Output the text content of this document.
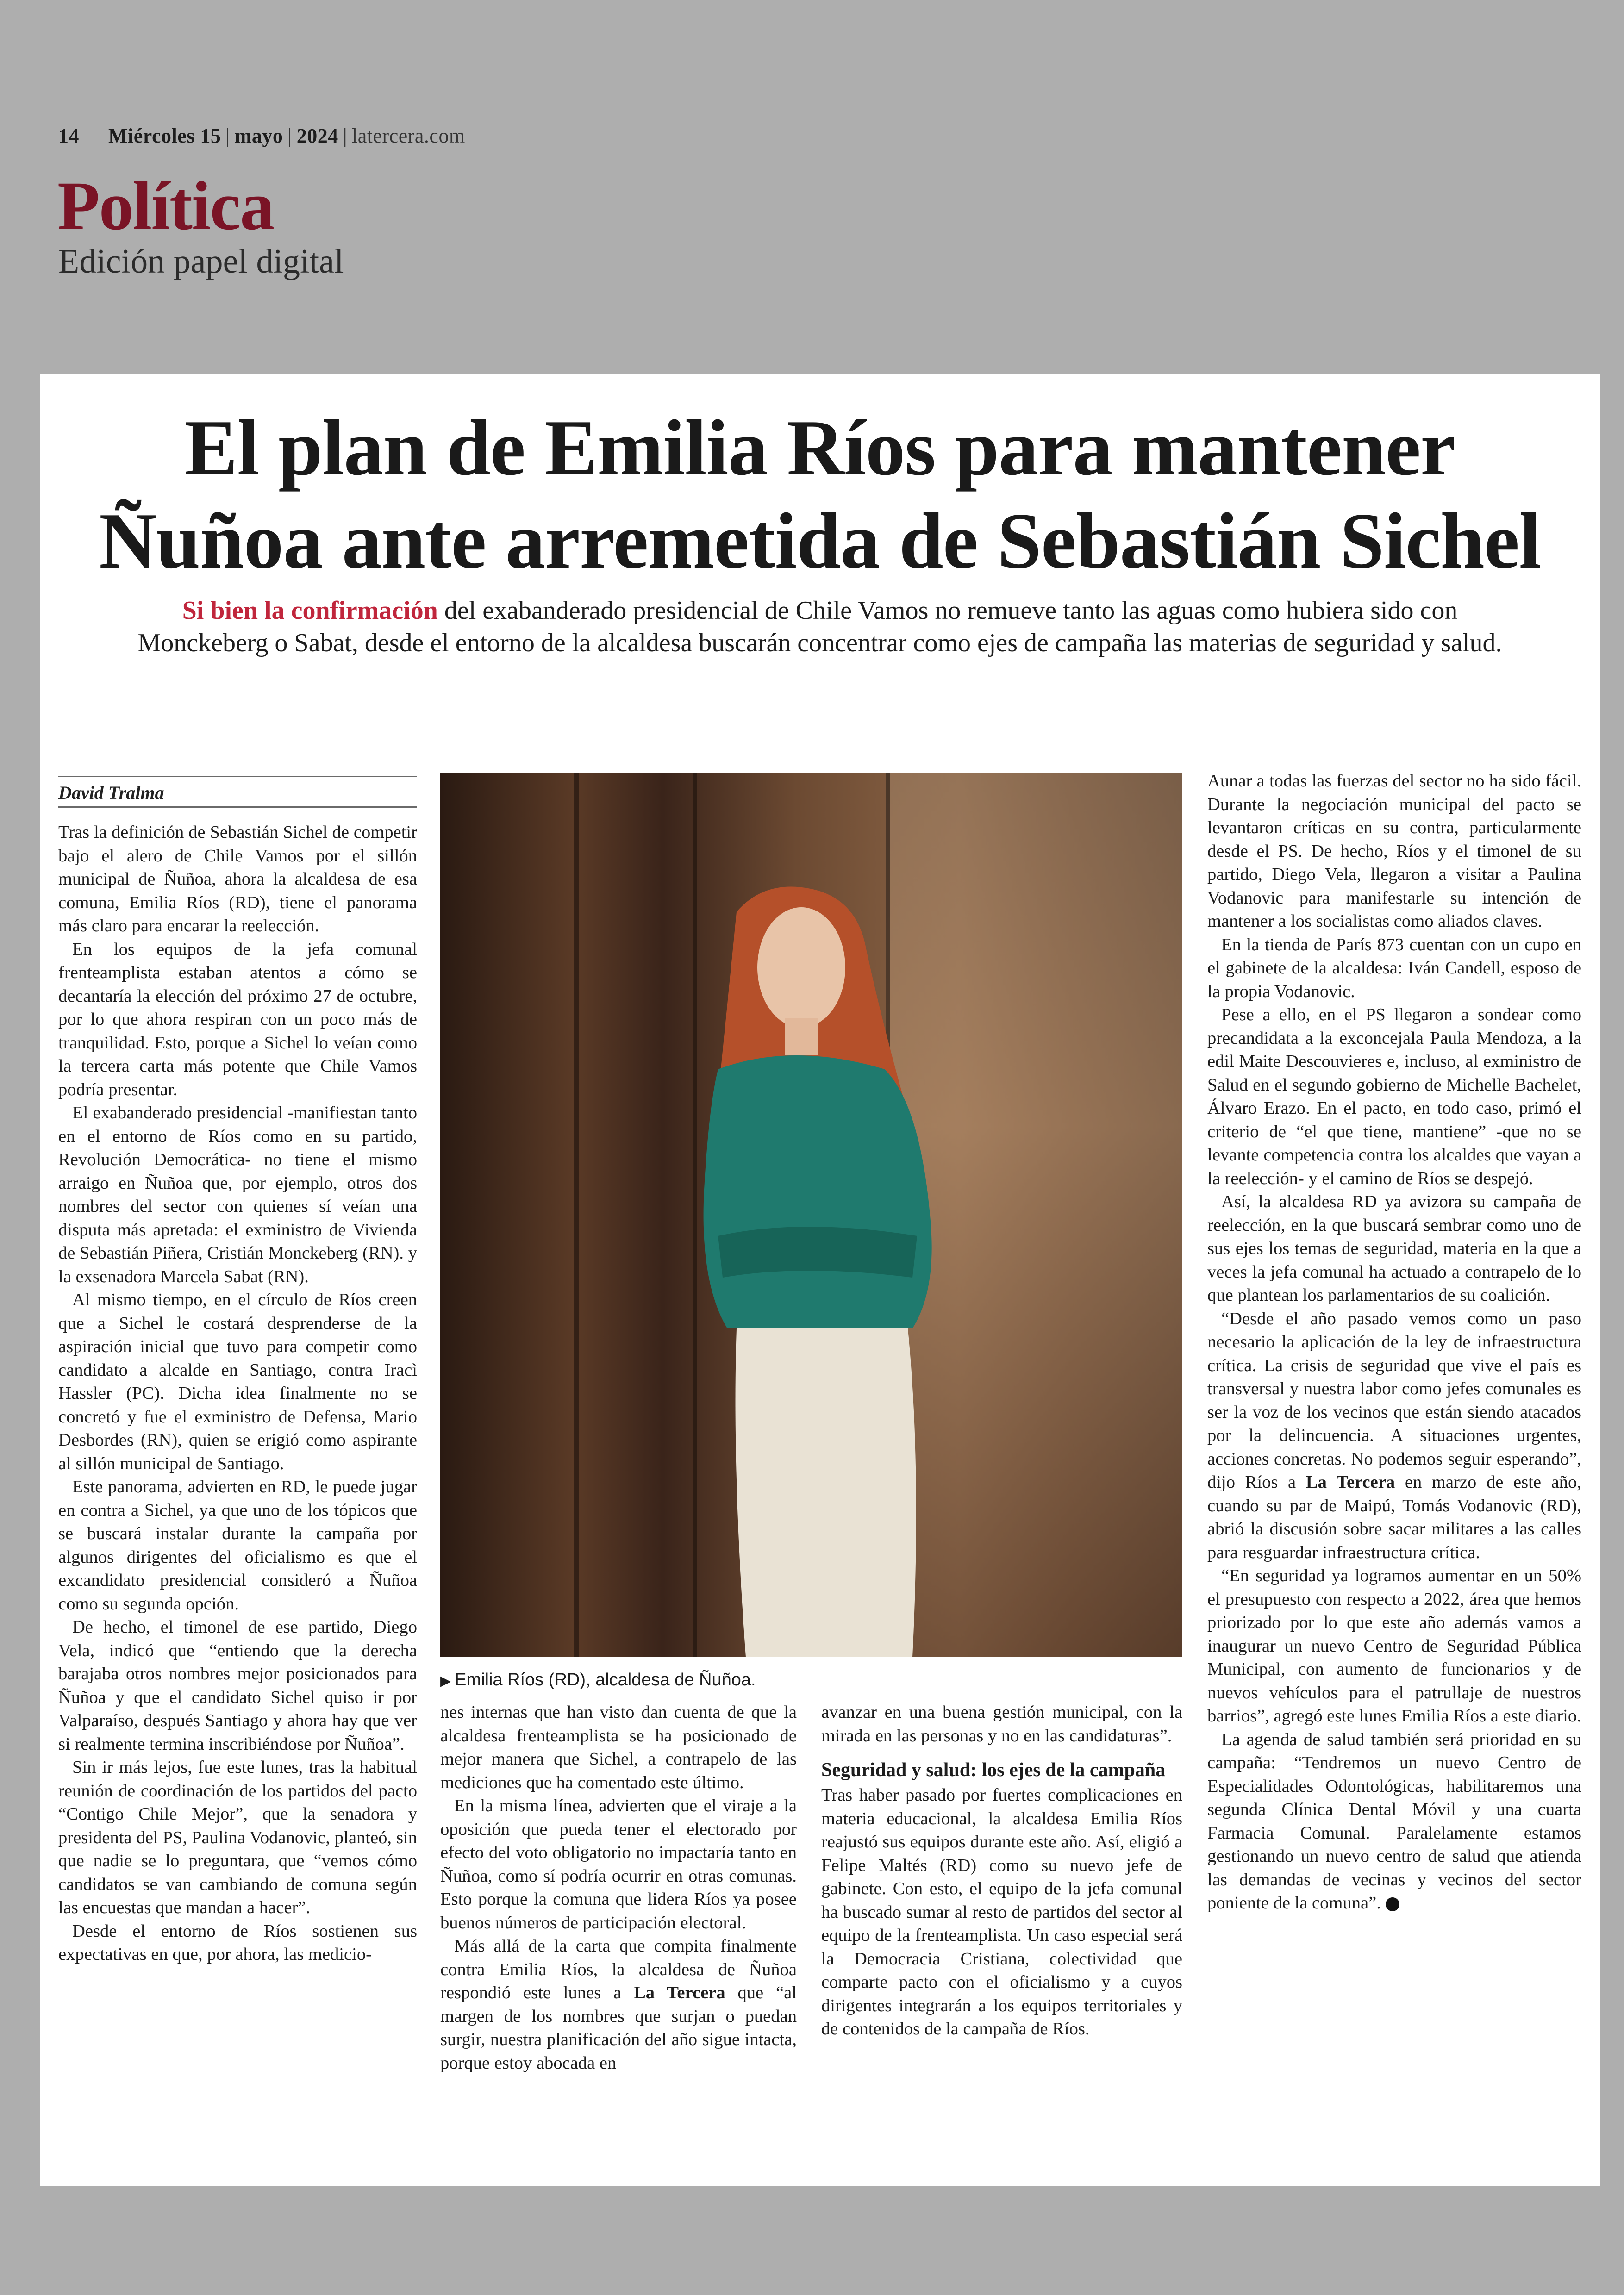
14 Miércoles 15 | mayo | 2024 | latercera.com
Política
Edición papel digital
El plan de Emilia Ríos para mantener
Ñuñoa ante arremetida de Sebastián Sichel
Si bien la confirmación del exabanderado presidencial de Chile Vamos no remueve tanto las aguas como hubiera sido con
Monckeberg o Sabat, desde el entorno de la alcaldesa buscarán concentrar como ejes de campaña las materias de seguridad y salud.
David Tralma

Tras la definición de Sebastián Sichel de competir bajo el alero de Chile Vamos por el sillón municipal de Ñuñoa, ahora la alcaldesa de esa comuna, Emilia Ríos (RD), tiene el panorama más claro para encarar la reelección.

En los equipos de la jefa comunal frenteamplista estaban atentos a cómo se decantaría la elección del próximo 27 de octubre, por lo que ahora respiran con un poco más de tranquilidad. Esto, porque a Sichel lo veían como la tercera carta más potente que Chile Vamos podría presentar.

El exabanderado presidencial -manifiestan tanto en el entorno de Ríos como en su partido, Revolución Democrática- no tiene el mismo arraigo en Ñuñoa que, por ejemplo, otros dos nombres del sector con quienes sí veían una disputa más apretada: el exministro de Vivienda de Sebastián Piñera, Cristián Monckeberg (RN). y la exsenadora Marcela Sabat (RN).

Al mismo tiempo, en el círculo de Ríos creen que a Sichel le costará desprenderse de la aspiración inicial que tuvo para competir como candidato a alcalde en Santiago, contra Iracì Hassler (PC). Dicha idea finalmente no se concretó y fue el exministro de Defensa, Mario Desbordes (RN), quien se erigió como aspirante al sillón municipal de Santiago.

Este panorama, advierten en RD, le puede jugar en contra a Sichel, ya que uno de los tópicos que se buscará instalar durante la campaña por algunos dirigentes del oficialismo es que el excandidato presidencial consideró a Ñuñoa como su segunda opción.

De hecho, el timonel de ese partido, Diego Vela, indicó que “entiendo que la derecha barajaba otros nombres mejor posicionados para Ñuñoa y que el candidato Sichel quiso ir por Valparaíso, después Santiago y ahora hay que ver si realmente termina inscribiéndose por Ñuñoa”.

Sin ir más lejos, fue este lunes, tras la habitual reunión de coordinación de los partidos del pacto “Contigo Chile Mejor”, que la senadora y presidenta del PS, Paulina Vodanovic, planteó, sin que nadie se lo preguntara, que “vemos cómo candidatos se van cambiando de comuna según las encuestas que mandan a hacer”.

Desde el entorno de Ríos sostienen sus expectativas en que, por ahora, las medicio-

▶ Emilia Ríos (RD), alcaldesa de Ñuñoa.

nes internas que han visto dan cuenta de que la alcaldesa frenteamplista se ha posicionado de mejor manera que Sichel, a contrapelo de las mediciones que ha comentado este último.

En la misma línea, advierten que el viraje a la oposición que pueda tener el electorado por efecto del voto obligatorio no impactaría tanto en Ñuñoa, como sí podría ocurrir en otras comunas. Esto porque la comuna que lidera Ríos ya posee buenos números de participación electoral.

Más allá de la carta que compita finalmente contra Emilia Ríos, la alcaldesa de Ñuñoa respondió este lunes a La Tercera que “al margen de los nombres que surjan o puedan surgir, nuestra planificación del año sigue intacta, porque estoy abocada en

avanzar en una buena gestión municipal, con la mirada en las personas y no en las candidaturas”.

Seguridad y salud: los ejes de la campaña

Tras haber pasado por fuertes complicaciones en materia educacional, la alcaldesa Emilia Ríos reajustó sus equipos durante este año. Así, eligió a Felipe Maltés (RD) como su nuevo jefe de gabinete. Con esto, el equipo de la jefa comunal ha buscado sumar al resto de partidos del sector al equipo de la frenteamplista. Un caso especial será la Democracia Cristiana, colectividad que comparte pacto con el oficialismo y a cuyos dirigentes integrarán a los equipos territoriales y de contenidos de la campaña de Ríos.

Aunar a todas las fuerzas del sector no ha sido fácil. Durante la negociación municipal del pacto se levantaron críticas en su contra, particularmente desde el PS. De hecho, Ríos y el timonel de su partido, Diego Vela, llegaron a visitar a Paulina Vodanovic para manifestarle su intención de mantener a los socialistas como aliados claves.

En la tienda de París 873 cuentan con un cupo en el gabinete de la alcaldesa: Iván Candell, esposo de la propia Vodanovic.

Pese a ello, en el PS llegaron a sondear como precandidata a la exconcejala Paula Mendoza, a la edil Maite Descouvieres e, incluso, al exministro de Salud en el segundo gobierno de Michelle Bachelet, Álvaro Erazo. En el pacto, en todo caso, primó el criterio de “el que tiene, mantiene” -que no se levante competencia contra los alcaldes que vayan a la reelección- y el camino de Ríos se despejó.

Así, la alcaldesa RD ya avizora su campaña de reelección, en la que buscará sembrar como uno de sus ejes los temas de seguridad, materia en la que a veces la jefa comunal ha actuado a contrapelo de lo que plantean los parlamentarios de su coalición.

“Desde el año pasado vemos como un paso necesario la aplicación de la ley de infraestructura crítica. La crisis de seguridad que vive el país es transversal y nuestra labor como jefes comunales es ser la voz de los vecinos que están siendo atacados por la delincuencia. A situaciones urgentes, acciones concretas. No podemos seguir esperando”, dijo Ríos a La Tercera en marzo de este año, cuando su par de Maipú, Tomás Vodanovic (RD), abrió la discusión sobre sacar militares a las calles para resguardar infraestructura crítica.

“En seguridad ya logramos aumentar en un 50% el presupuesto con respecto a 2022, área que hemos priorizado por lo que este año además vamos a inaugurar un nuevo Centro de Seguridad Pública Municipal, con aumento de funcionarios y de nuevos vehículos para el patrullaje de nuestros barrios”, agregó este lunes Emilia Ríos a este diario.

La agenda de salud también será prioridad en su campaña: “Tendremos un nuevo Centro de Especialidades Odontológicas, habilitaremos una segunda Clínica Dental Móvil y una cuarta Farmacia Comunal. Paralelamente estamos gestionando un nuevo centro de salud que atienda las demandas de vecinas y vecinos del sector poniente de la comuna”.
